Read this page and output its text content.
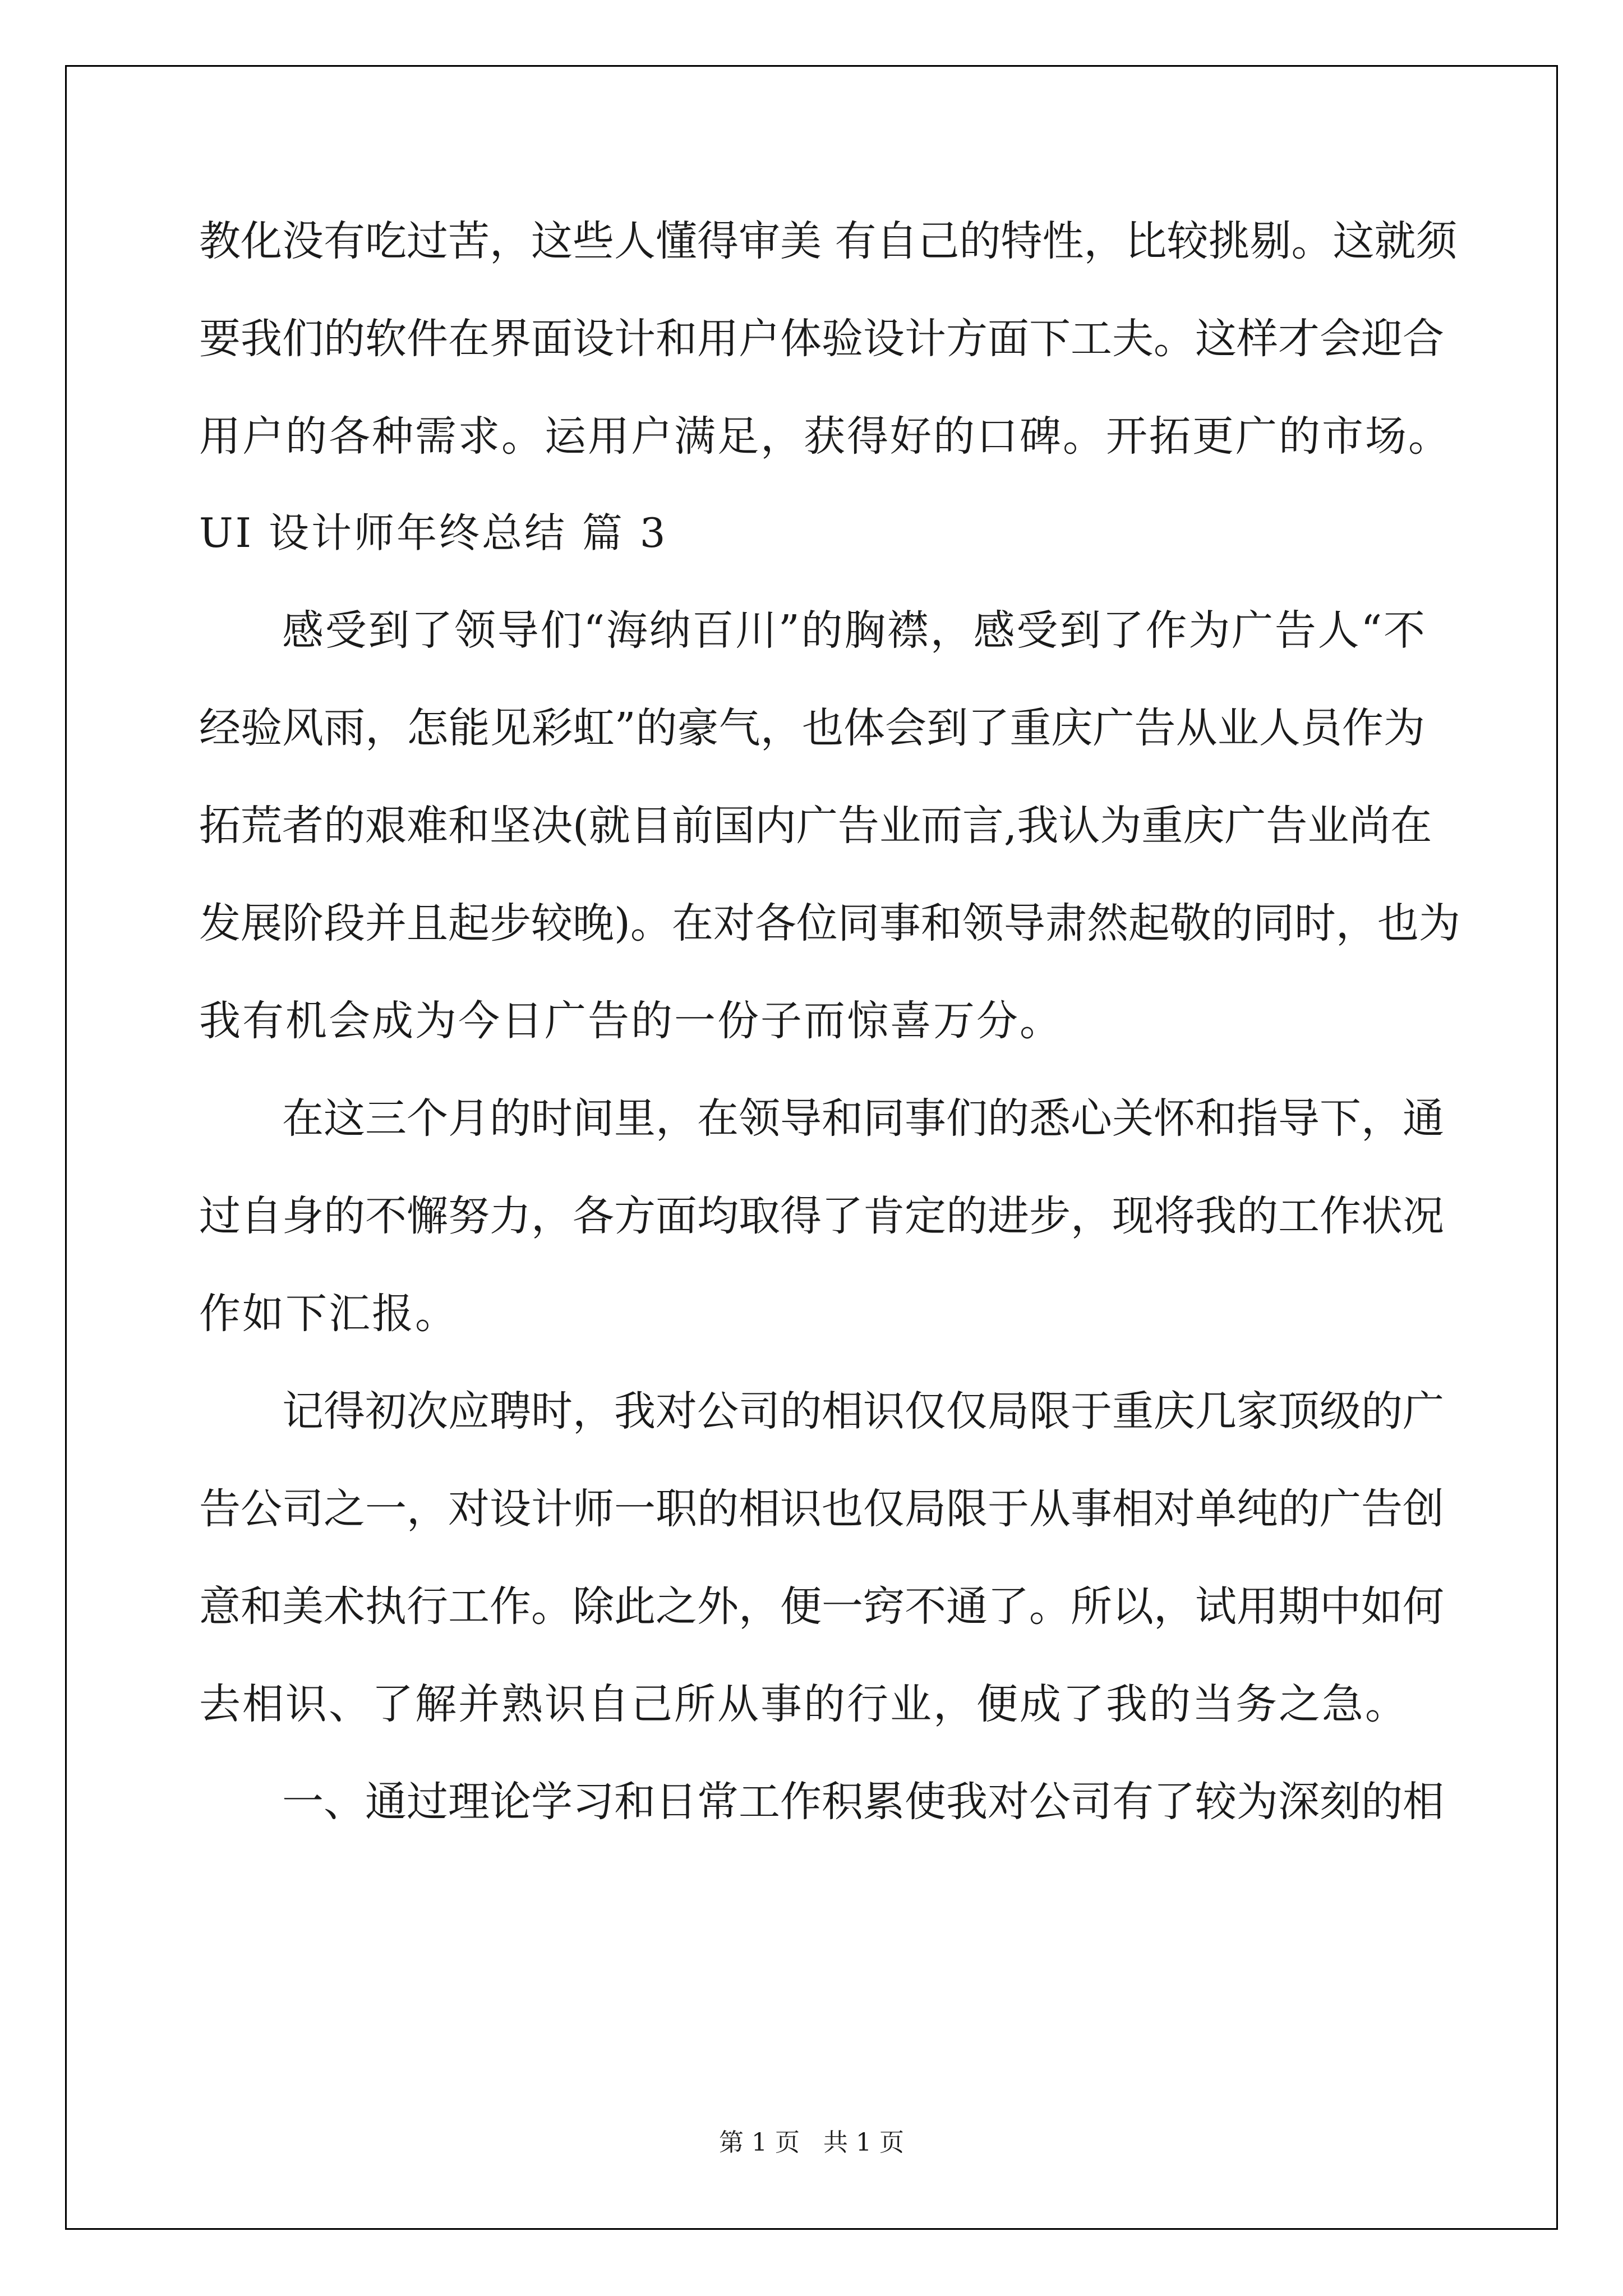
教化没有吃过苦，这些人懂得审美 有自己的特性，比较挑剔。这就须
要我们的软件在界面设计和用户体验设计方面下工夫。这样才会迎合
用户的各种需求。运用户满足，获得好的口碑。开拓更广的市场。
UI 设计师年终总结 篇 3
感受到了领导们“海纳百川”的胸襟，感受到了作为广告人“不
经验风雨，怎能见彩虹”的豪气，也体会到了重庆广告从业人员作为
拓荒者的艰难和坚决(就目前国内广告业而言,我认为重庆广告业尚在
发展阶段并且起步较晚)。在对各位同事和领导肃然起敬的同时，也为
我有机会成为今日广告的一份子而惊喜万分。
在这三个月的时间里，在领导和同事们的悉心关怀和指导下，通
过自身的不懈努力，各方面均取得了肯定的进步，现将我的工作状况
作如下汇报。
记得初次应聘时，我对公司的相识仅仅局限于重庆几家顶级的广
告公司之一，对设计师一职的相识也仅局限于从事相对单纯的广告创
意和美术执行工作。除此之外，便一窍不通了。所以，试用期中如何
去相识、了解并熟识自己所从事的行业，便成了我的当务之急。
一、通过理论学习和日常工作积累使我对公司有了较为深刻的相
第 1 页 共 1 页
